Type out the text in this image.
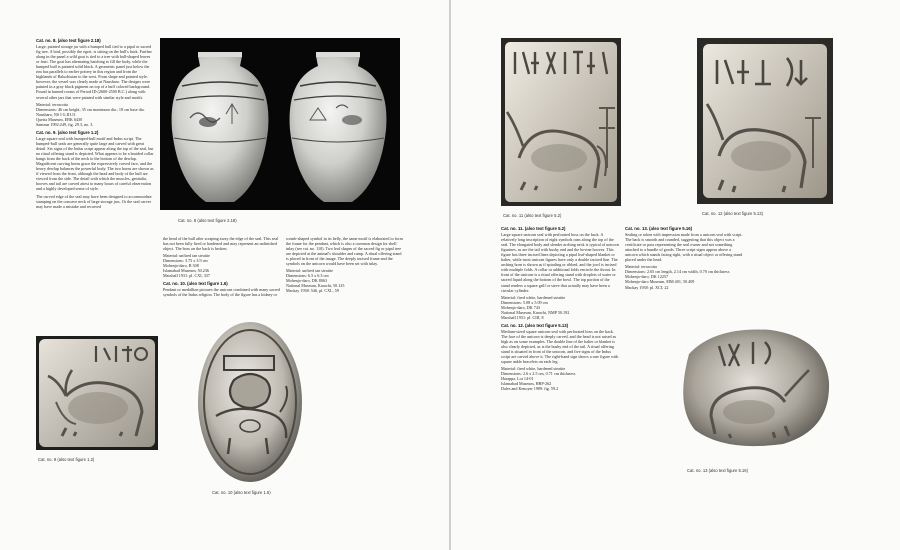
Cat. no. 8. (also text figure 2.18)
Large, painted storage jar with a humped bull tied to a pipal or sacred fig tree. A bird, possibly the egret, is sitting on the bull's back. Further along in the panel a wild goat is tied to a tree with ball-shaped leaves or fruit. The goat has alternating hatching to fill the body, while the humped bull is painted solid black. A geometric panel just below the rim has parallels to earlier pottery in this region and from the highlands of Baluchistan to the west. From shape and painted style, however, the vessel was clearly made at Nausharo. The designs were painted in a gray black pigment on top of a buff colored background. Found in burned rooms of Period ID (2600-2500 B.C.) along with several other jars that were painted with similar style and motifs.
Material: terracotta
Dimensions: 46 cm height, 35 cm maximum dia., 18 cm base dia.
Nausharo, NS I G.III.11
Quetta Museum, EBK 6430
Samzun 1992:249, fig. 29.3, no. 3.
Cat. no. 9. (also text figure 1.2)
Large square seal with humped-bull motif and Indus script. The humped-bull seals are generally quite large and carved with great detail. Six signs of the Indus script appear along the top of the seal, but no ritual offering stand is depicted. What appears to be a braided collar hangs from the back of the neck to the bottom of the dewlap. Magnificent curving horns grace the expressively carved face, and the heavy dewlap balances the powerful body. The two horns are shown as if viewed from the front, although the head and body of the bull are viewed from the side. The detail with which the muscles, genitalia, hooves and tail are carved attest to many hours of careful observation and a highly developed sense of style.
The curved edge of the seal may have been designed to accommodate stamping on the concave neck of large storage jars. Or the seal carver may have made a mistake and recarved
the head of the bull after scraping away the edge of the seal. This seal has not been fully fired or hardened and may represent an unfinished object. The boss on the back is broken.
Material: unfired tan steatite
Dimensions: 3.75 x 3.9 cm
Mohenjo-daro, B 308
Islamabad Museum, 50.236
Marshall 1931: pl. CXI, 337
Cat. no. 10. (also text figure 1.6)
Pendant or medallion pictures the unicorn combined with many sacred symbols of the Indus religion. The body of the figure has a kidney or
womb-shaped symbol in its belly, the same motif is elaborated to form the frame for the pendant, which is also a common design for shell inlay (see cat. no. 110). Two leaf shapes of the sacred fig or pipal tree are depicted at the animal's shoulder and rump. A ritual offering stand is placed in front of the image. The deeply incised frame and the symbols on the unicorn would have been set with inlay.
Material: unfired tan steatite
Dimensions: 6.5 x 6.3 cm
Mohenjo-daro, DK 8063
National Museum, Karachi, 50.125
Mackay 1938: 546, pl. CXL, 59
Cat. no. 8 (also text figure 2.18)
Cat. no. 9 (also text figure 1.2)
Cat. no. 10 (also text figure 1.6)
Cat. no. 11 (also text figure 5.2)	Cat. no. 12 (also text figure 5.13)
Cat. no. 11. (also text figure 5.2)
Large square unicorn seal with perforated boss on the back. A relatively long inscription of eight symbols runs along the top of the seal. The elongated body and slender arching neck is typical of unicorn figurines, as are the tail with bushy end and the bovine hooves. This figure has three incised lines depicting a pipal leaf-shaped blanket or halter, while most unicorn figures have only a double incised line. The arching horn is shown as if spiraling or ribbed, and the jowl is incised with multiple folds. A collar or additional folds encircle the throat. In front of the unicorn is a ritual offering stand with droplets of water or sacred liquid along the bottom of the bowl. The top portion of the stand renders a square grill or sieve that actually may have been a circular cylinder.
Material: fired white, hardened steatite
Dimensions: 5.08 x 5.09 cm
Mohenjo-daro, DK 743
National Museum, Karachi, NMP 50.192
Marshall 1931: pl. CIII, 8
Cat. no. 12. (also text figure 5.13)
Medium-sized square unicorn seal with perforated boss on the back. The face of the unicorn is deeply carved, and the head is not raised as high as on some examples. The double line of the halter or blanket is also clearly depicted, as is the bushy end of the tail. A ritual offering stand is situated in front of the unicorn, and five signs of the Indus script are carved above it. The right-hand sign shows a rare figure with square ankle bracelets on each leg.
Material: fired white, hardened steatite
Dimensions: 2.6 x 2.5 cm, 0.71 cm thickness
Harappa, Lot 14-01
Islamabad Museum, HRP-262
Dales and Kenoyer 1989: fig. 59.2
Cat. no. 13. (also text figure 5.16)
Sealing or token with impression made from a unicorn seal with script. The back is smooth and rounded, suggesting that this object was a certificate or pass representing the seal owner and not something attached to a bundle of goods. Three script signs appear above a unicorn which stands facing right, with a ritual object or offering stand placed under the head.
Material: terracotta
Dimensions: 2.65 cm length, 2.14 cm width, 0.70 cm thickness
Mohenjo-daro, DK 12257
Mohenjo-daro Museum, MM 401, 50.409
Mackay 1938: pl. XCI, 22
Cat. no. 13 (also text figure 5.16)
